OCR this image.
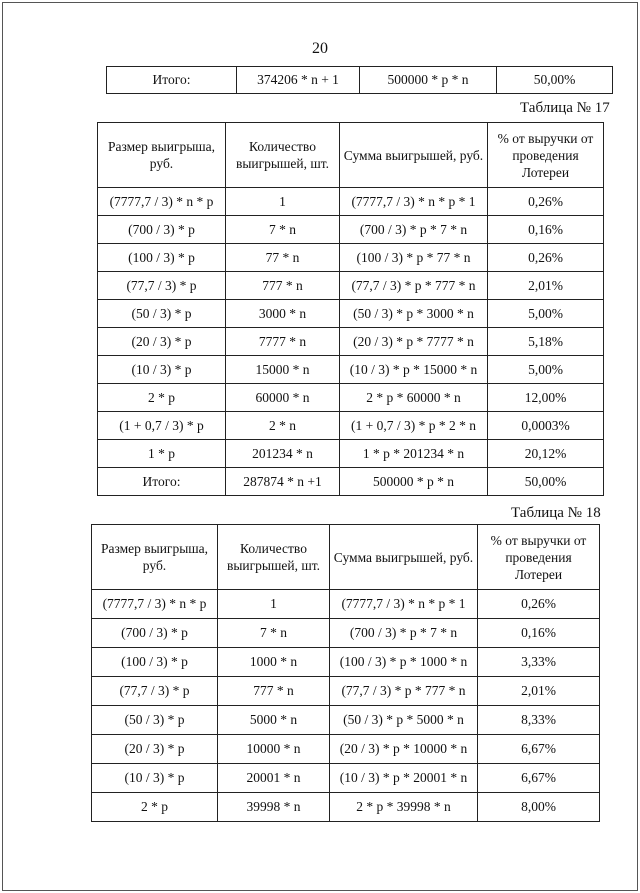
20
Итого:	374206 * n + 1	500000 * p * n	50,00%
Таблица № 17
Размер выигрыша, руб.	Количество выигрышей, шт.	Сумма выигрышей, руб.	% от выручки от проведения Лотереи
(7777,7 / 3) * n * p	1	(7777,7 / 3) * n * p * 1	0,26%
(700 / 3) * p	7 * n	(700 / 3) * p * 7 * n	0,16%
(100 / 3) * p	77 * n	(100 / 3) * p * 77 * n	0,26%
(77,7 / 3) * p	777 * n	(77,7 / 3) * p * 777 * n	2,01%
(50 / 3) * p	3000 * n	(50 / 3) * p * 3000 * n	5,00%
(20 / 3) * p	7777 * n	(20 / 3) * p * 7777 * n	5,18%
(10 / 3) * p	15000 * n	(10 / 3) * p * 15000 * n	5,00%
2 * p	60000 * n	2 * p * 60000 * n	12,00%
(1 + 0,7 / 3) * p	2 * n	(1 + 0,7 / 3) * p * 2 * n	0,0003%
1 * p	201234 * n	1 * p * 201234 * n	20,12%
Итого:	287874 * n +1	500000 * p * n	50,00%
Таблица № 18
Размер выигрыша, руб.	Количество выигрышей, шт.	Сумма выигрышей, руб.	% от выручки от проведения Лотереи
(7777,7 / 3) * n * p	1	(7777,7 / 3) * n * p * 1	0,26%
(700 / 3) * p	7 * n	(700 / 3) * p * 7 * n	0,16%
(100 / 3) * p	1000 * n	(100 / 3) * p * 1000 * n	3,33%
(77,7 / 3) * p	777 * n	(77,7 / 3) * p * 777 * n	2,01%
(50 / 3) * p	5000 * n	(50 / 3) * p * 5000 * n	8,33%
(20 / 3) * p	10000 * n	(20 / 3) * p * 10000 * n	6,67%
(10 / 3) * p	20001 * n	(10 / 3) * p * 20001 * n	6,67%
2 * p	39998 * n	2 * p * 39998 * n	8,00%
